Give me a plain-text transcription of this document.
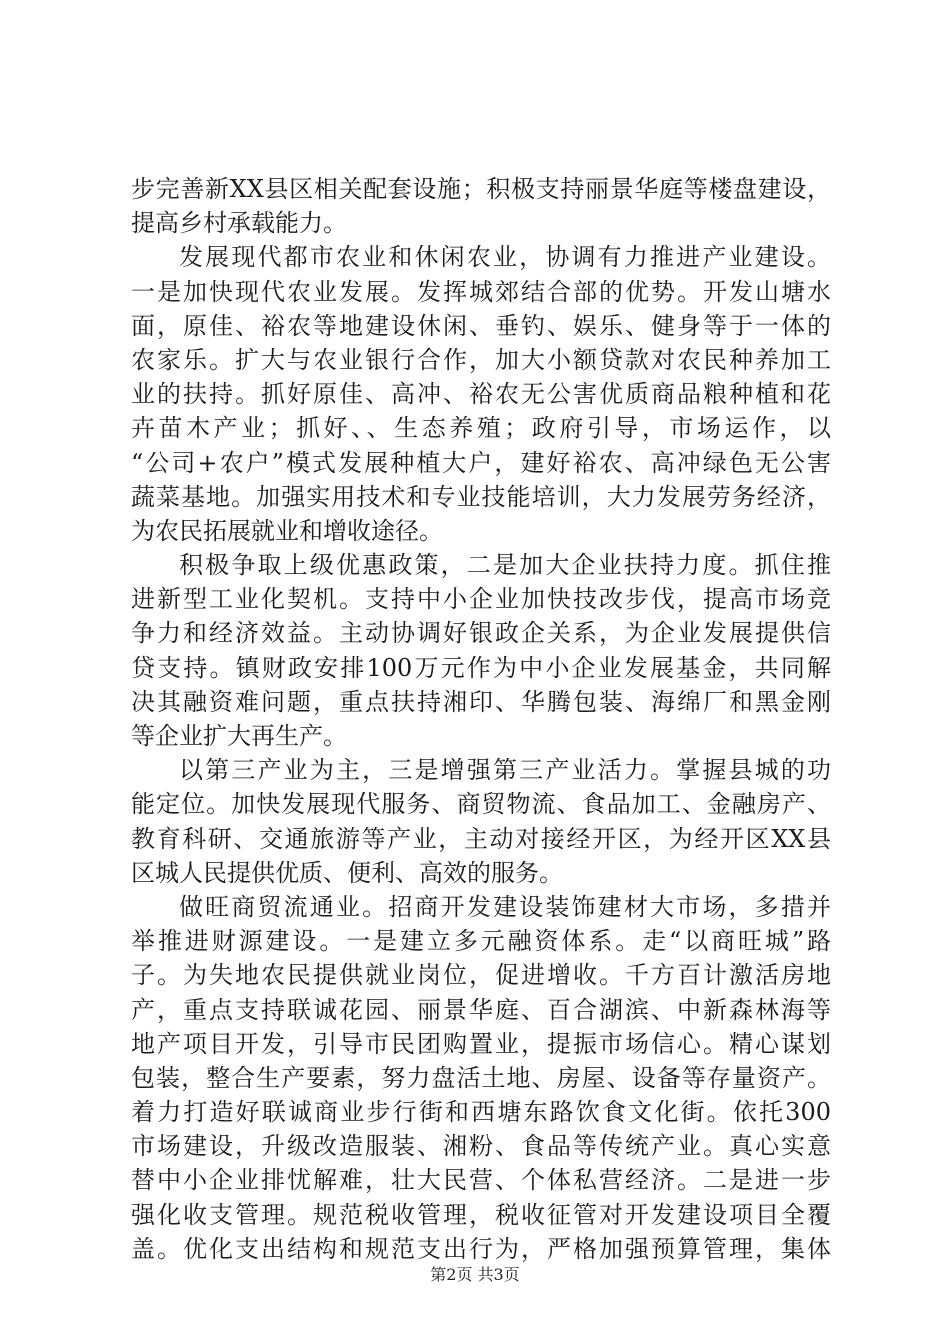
步完善新XX县区相关配套设施；积极支持丽景华庭等楼盘建设，
提高乡村承载能力。
发展现代都市农业和休闲农业，协调有力推进产业建设。
一是加快现代农业发展。发挥城郊结合部的优势。开发山塘水
面，原佳、裕农等地建设休闲、垂钓、娱乐、健身等于一体的
农家乐。扩大与农业银行合作，加大小额贷款对农民种养加工
业的扶持。抓好原佳、高冲、裕农无公害优质商品粮种植和花
卉苗木产业；抓好、、生态养殖；政府引导，市场运作，以
“公司+农户”模式发展种植大户，建好裕农、高冲绿色无公害
蔬菜基地。加强实用技术和专业技能培训，大力发展劳务经济，
为农民拓展就业和增收途径。
积极争取上级优惠政策，二是加大企业扶持力度。抓住推
进新型工业化契机。支持中小企业加快技改步伐，提高市场竞
争力和经济效益。主动协调好银政企关系，为企业发展提供信
贷支持。镇财政安排100万元作为中小企业发展基金，共同解
决其融资难问题，重点扶持湘印、华腾包装、海绵厂和黑金刚
等企业扩大再生产。
以第三产业为主，三是增强第三产业活力。掌握县城的功
能定位。加快发展现代服务、商贸物流、食品加工、金融房产、
教育科研、交通旅游等产业，主动对接经开区，为经开区XX县
区城人民提供优质、便利、高效的服务。
做旺商贸流通业。招商开发建设装饰建材大市场，多措并
举推进财源建设。一是建立多元融资体系。走“以商旺城”路
子。为失地农民提供就业岗位，促进增收。千方百计激活房地
产，重点支持联诚花园、丽景华庭、百合湖滨、中新森林海等
地产项目开发，引导市民团购置业，提振市场信心。精心谋划
包装，整合生产要素，努力盘活土地、房屋、设备等存量资产。
着力打造好联诚商业步行街和西塘东路饮食文化街。依托300
市场建设，升级改造服装、湘粉、食品等传统产业。真心实意
替中小企业排忧解难，壮大民营、个体私营经济。二是进一步
强化收支管理。规范税收管理，税收征管对开发建设项目全覆
盖。优化支出结构和规范支出行为，严格加强预算管理，集体
第2页 共3页
